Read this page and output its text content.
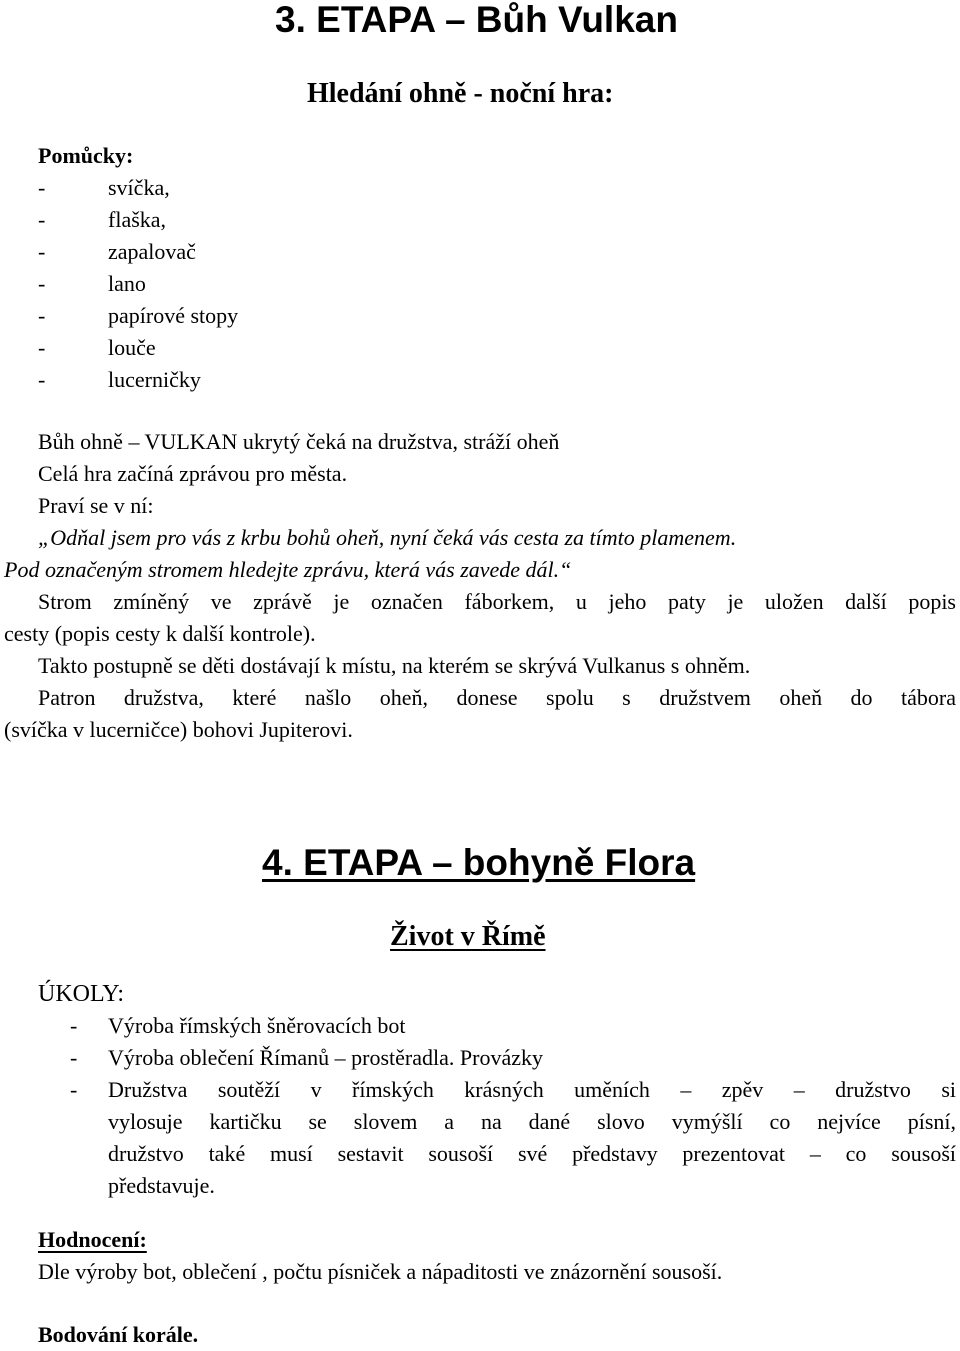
3. ETAPA – Bůh Vulkan
Hledání ohně - noční hra:
Pomůcky:
-	svíčka,
-	flaška,
-	zapalovač
-	lano
-	papírové stopy
-	louče
-	lucerničky
Bůh ohně – VULKAN ukrytý čeká na družstva, stráží oheň
Celá hra začíná zprávou pro města.
Praví se v ní:
„Odňal jsem pro vás z krbu bohů oheň, nyní čeká vás cesta za tímto plamenem.
Pod označeným stromem hledejte zprávu, která vás zavede dál.“
Strom zmíněný ve zprávě je označen fáborkem, u jeho paty je uložen další popis
cesty (popis cesty k další kontrole).
Takto postupně se děti dostávají k místu, na kterém se skrývá Vulkanus s ohněm.
Patron družstva, které našlo oheň, donese spolu s družstvem oheň do tábora
(svíčka v lucerničce) bohovi Jupiterovi.
4. ETAPA – bohyně Flora
Život v Římě
ÚKOLY:
- Výroba římských šněrovacích bot
- Výroba oblečení Římanů – prostěradla. Provázky
- Družstva soutěží v římských krásných uměních – zpěv – družstvo si
vylosuje kartičku se slovem a na dané slovo vymýšlí co nejvíce písní,
družstvo také musí sestavit sousoší své představy prezentovat – co sousoší
představuje.
Hodnocení:
Dle výroby bot, oblečení , počtu písniček a nápaditosti ve znázornění sousoší.
Bodování korále.
